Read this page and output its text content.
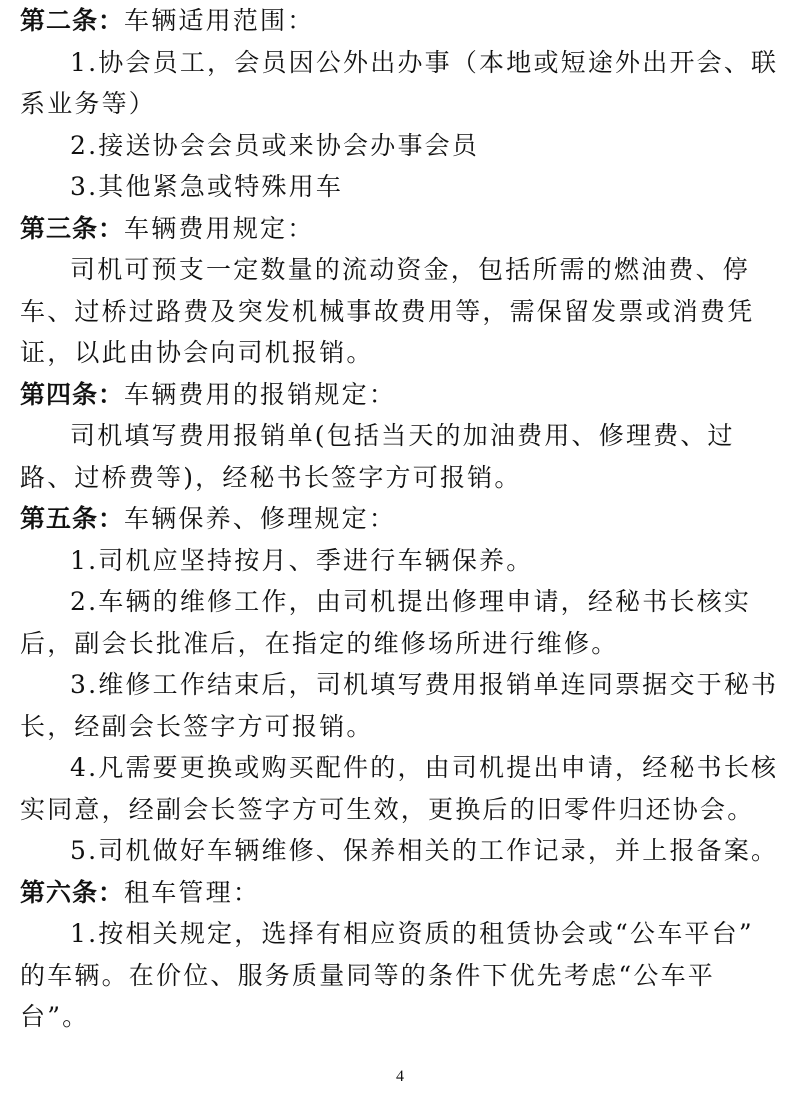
第二条：车辆适用范围：
1.协会员工，会员因公外出办事（本地或短途外出开会、联
系业务等）
2.接送协会会员或来协会办事会员
3.其他紧急或特殊用车
第三条：车辆费用规定：
司机可预支一定数量的流动资金，包括所需的燃油费、停
车、过桥过路费及突发机械事故费用等，需保留发票或消费凭
证，以此由协会向司机报销。
第四条：车辆费用的报销规定：
司机填写费用报销单(包括当天的加油费用、修理费、过
路、过桥费等)，经秘书长签字方可报销。
第五条：车辆保养、修理规定：
1.司机应坚持按月、季进行车辆保养。
2.车辆的维修工作，由司机提出修理申请，经秘书长核实
后，副会长批准后，在指定的维修场所进行维修。
3.维修工作结束后，司机填写费用报销单连同票据交于秘书
长，经副会长签字方可报销。
4.凡需要更换或购买配件的，由司机提出申请，经秘书长核
实同意，经副会长签字方可生效，更换后的旧零件归还协会。
5.司机做好车辆维修、保养相关的工作记录，并上报备案。
第六条：租车管理：
1.按相关规定，选择有相应资质的租赁协会或“公车平台”
的车辆。在价位、服务质量同等的条件下优先考虑“公车平
台”。
4
